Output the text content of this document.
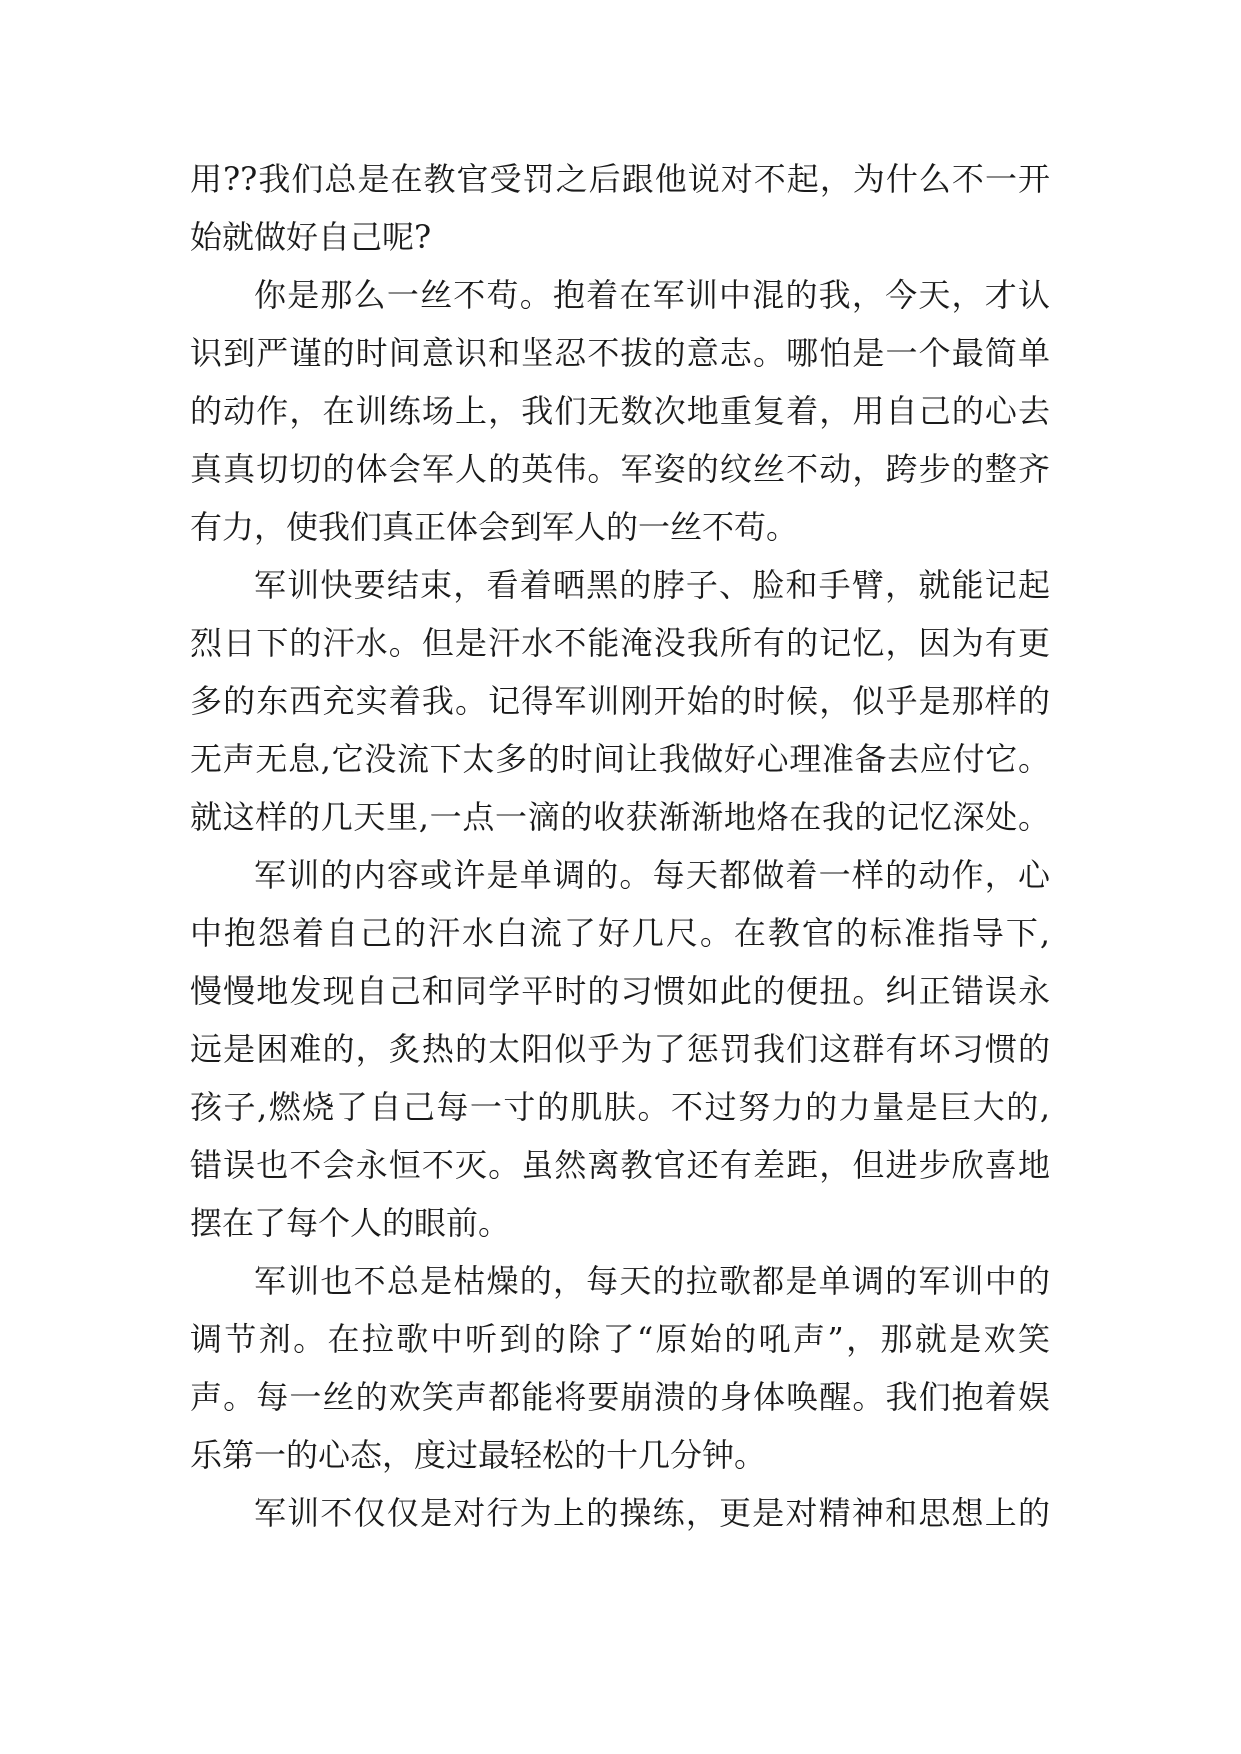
用??我们总是在教官受罚之后跟他说对不起，为什么不一开
始就做好自己呢?
你是那么一丝不苟。抱着在军训中混的我，今天，才认
识到严谨的时间意识和坚忍不拔的意志。哪怕是一个最简单
的动作，在训练场上，我们无数次地重复着，用自己的心去
真真切切的体会军人的英伟。军姿的纹丝不动，跨步的整齐
有力，使我们真正体会到军人的一丝不苟。
军训快要结束，看着晒黑的脖子、脸和手臂，就能记起
烈日下的汗水。但是汗水不能淹没我所有的记忆，因为有更
多的东西充实着我。记得军训刚开始的时候，似乎是那样的
无声无息,它没流下太多的时间让我做好心理准备去应付它。
就这样的几天里,一点一滴的收获渐渐地烙在我的记忆深处。
军训的内容或许是单调的。每天都做着一样的动作，心
中抱怨着自己的汗水白流了好几尺。在教官的标准指导下,
慢慢地发现自己和同学平时的习惯如此的便扭。纠正错误永
远是困难的，炙热的太阳似乎为了惩罚我们这群有坏习惯的
孩子,燃烧了自己每一寸的肌肤。不过努力的力量是巨大的,
错误也不会永恒不灭。虽然离教官还有差距，但进步欣喜地
摆在了每个人的眼前。
军训也不总是枯燥的，每天的拉歌都是单调的军训中的
调节剂。在拉歌中听到的除了“原始的吼声”，那就是欢笑
声。每一丝的欢笑声都能将要崩溃的身体唤醒。我们抱着娱
乐第一的心态，度过最轻松的十几分钟。
军训不仅仅是对行为上的操练，更是对精神和思想上的
